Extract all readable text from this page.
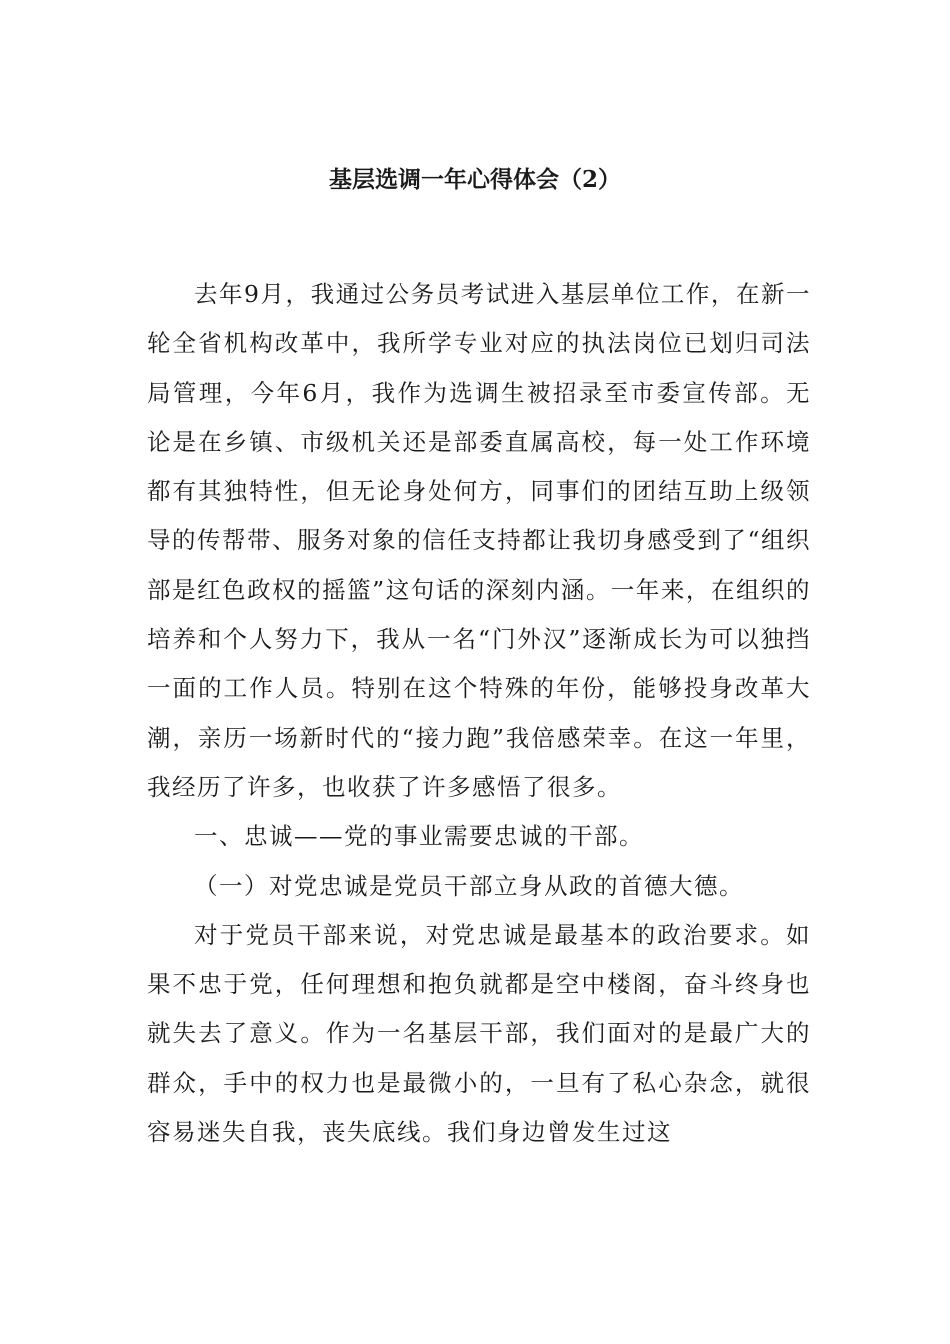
基层选调一年心得体会（2）

去年9月，我通过公务员考试进入基层单位工作，在新一轮全省机构改革中，我所学专业对应的执法岗位已划归司法局管理，今年6月，我作为选调生被招录至市委宣传部。无论是在乡镇、市级机关还是部委直属高校，每一处工作环境都有其独特性，但无论身处何方，同事们的团结互助上级领导的传帮带、服务对象的信任支持都让我切身感受到了“组织部是红色政权的摇篮”这句话的深刻内涵。一年来，在组织的培养和个人努力下，我从一名“门外汉”逐渐成长为可以独挡一面的工作人员。特别在这个特殊的年份，能够投身改革大潮，亲历一场新时代的“接力跑”我倍感荣幸。在这一年里，我经历了许多，也收获了许多感悟了很多。

一、忠诚——党的事业需要忠诚的干部。

（一）对党忠诚是党员干部立身从政的首德大德。

对于党员干部来说，对党忠诚是最基本的政治要求。如果不忠于党，任何理想和抱负就都是空中楼阁，奋斗终身也就失去了意义。作为一名基层干部，我们面对的是最广大的群众，手中的权力也是最微小的，一旦有了私心杂念，就很容易迷失自我，丧失底线。我们身边曾发生过这
